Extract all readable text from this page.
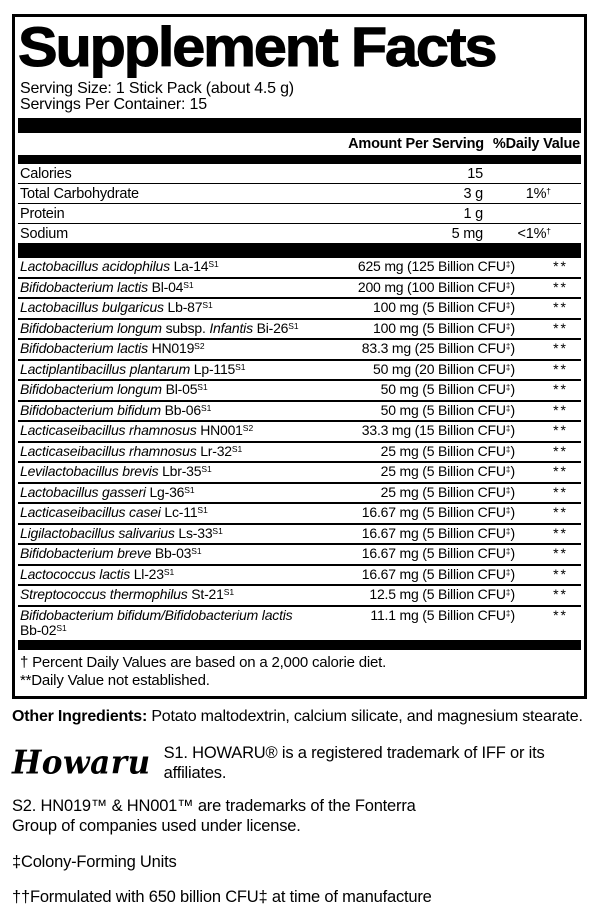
Supplement Facts
Serving Size: 1 Stick Pack (about 4.5 g)
Servings Per Container: 15
Amount Per Serving %Daily Value
Calories	15
Total Carbohydrate	3 g	1%†
Protein	1 g
Sodium	5 mg	<1%†
Lactobacillus acidophilus $La-14^{S1}$	625 mg (125 Billion CFU‡)	**
Bifidobacterium lactis $Bl-04^{S1}$	200 mg (100 Billion CFU‡)	**
Lactobacillus bulgaricus $Lb-87^{S1}$	100 mg (5 Billion CFU‡)	**
Bifidobacterium longum subsp. Infantis $Bi-26^{S1}$	100 mg (5 Billion CFU‡)	**
Bifidobacterium lactis $HN019^{S2}$	83.3 mg (25 Billion CFU‡)	**
Lactiplantibacillus plantarum $Lp-115^{S1}$	50 mg (20 Billion CFU‡)	**
Bifidobacterium longum $Bl-05^{S1}$	50 mg (5 Billion CFU‡)	**
Bifidobacterium bifidum $Bb-06^{S1}$	50 mg (5 Billion CFU‡)	**
Lacticaseibacillus rhamnosus $HN001^{S2}$	33.3 mg (15 Billion CFU‡)	**
Lacticaseibacillus rhamnosus $Lr-32^{S1}$	25 mg (5 Billion CFU‡)	**
Levilactobacillus brevis Lbr-$35^{S1}$	25 mg (5 Billion CFU‡)	**
Lactobacillus gasseri $Lg-36^{S1}$	25 mg (5 Billion CFU‡)	**
Lacticaseibacillus casei $Lc-11^{S1}$	16.67 mg (5 Billion CFU‡)	**
Ligilactobacillus salivarius $Ls-33^{S1}$	16.67 mg (5 Billion CFU‡)	**
Bifidobacterium breve $Bb-03^{S1}$	16.67 mg (5 Billion CFU‡)	**
Lactococcus lactis $Ll-23^{S1}$	16.67 mg (5 Billion CFU‡)	**
Streptococcus thermophilus $St-21^{S1}$	12.5 mg (5 Billion CFU‡)	**
Bifidobacterium bifidum/Bifidobacterium lactis $Bb-02^{S1}$
11.1 mg (5 Billion CFU‡)	**
† Percent Daily Values are based on a 2,000 calorie diet.
**Daily Value not established.

Other Ingredients: Potato maltodextrin, calcium silicate, and magnesium stearate.

Howaru S1. HOWARU® is a registered trademark of IFF or its affiliates.
S2. HN019™ & HN001™ are trademarks of the Fonterra
Group of companies used under license.
‡Colony-Forming Units
††Formulated with 650 billion CFU‡ at time of manufacture
